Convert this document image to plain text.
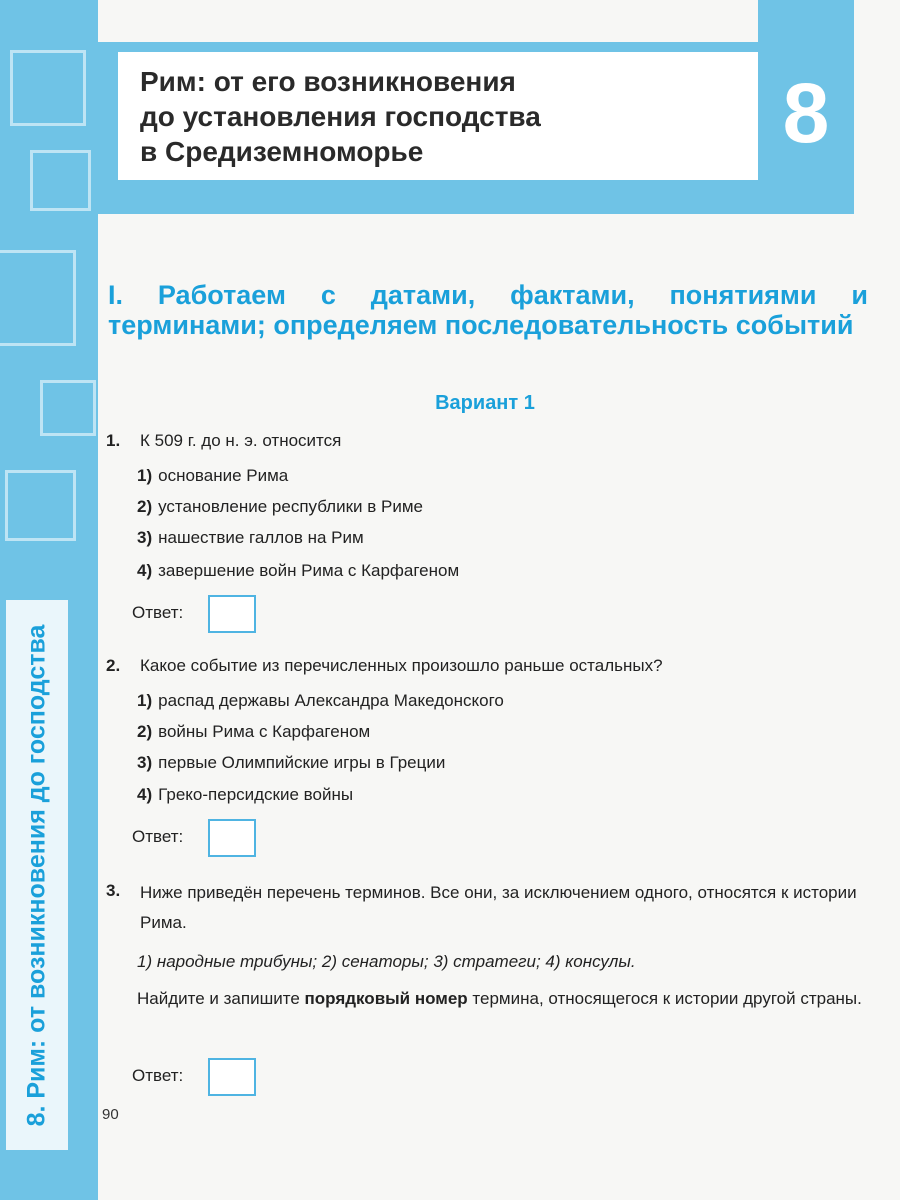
8. Рим: от возникновения до господства
Рим: от его возникновения
до установления господства
в Средиземноморье	8
I. Работаем с датами, фактами, понятиями и терминами; определяем последовательность событий
Вариант 1
1. К 509 г. до н. э. относится
1) основание Рима
2) установление республики в Риме
3) нашествие галлов на Рим
4) завершение войн Рима с Карфагеном
Ответ:
2. Какое событие из перечисленных произошло раньше остальных?
1) распад державы Александра Македонского
2) войны Рима с Карфагеном
3) первые Олимпийские игры в Греции
4) Греко-персидские войны
Ответ:
3. Ниже приведён перечень терминов. Все они, за исключением одного, относятся к истории Рима.

1) народные трибуны; 2) сенаторы; 3) стратеги; 4) консулы.

Найдите и запишите порядковый номер термина, относящегося к истории другой страны.

Ответ:
90
